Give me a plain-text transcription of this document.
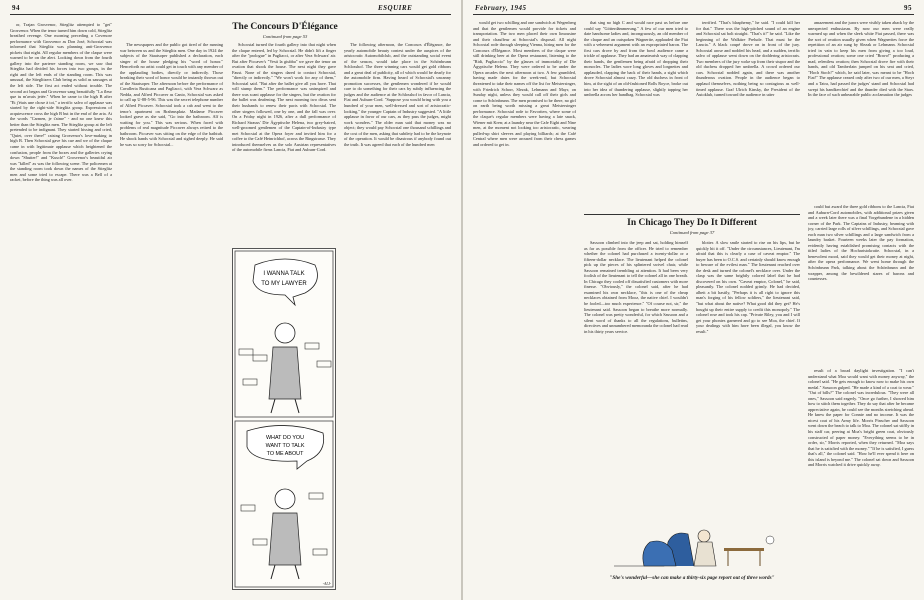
94	ESQUIRE
The Concours D'Élégance
Continued from page 53

or, Trajan Grosvenor, Stieglitz attempted to "get" Grosvenor. When the tenor turned him down cold, Stieglitz breathed revenge. One morning preceding a Covenore performance with Grosvenor as Don José, Schocstal was informed that Stieglitz was planning anti-Grosvenor pickets that night. All regular members of the claque were warned to be on the alert. Looking down from the fourth gallery into the parterre standing room, we saw that Stieglitz had divided his forces into two groups, in the right and the left ends of the standing room. This was unusual, the Stieglitzers Club being as solid as sausages at the left side. The first act ended without trouble. The second act began and Grosvenor sang beautifully "La fleur que tu m'avais jetée." When he came to the high B after "Et j'étais une chose à toi," a terrific salvo of applause was started by the right-side Stieglitz group. Expressions of acquiescence cross the high B but in the end of the aria. At the words "Carmen, je t'aime" - and no one knew this better than the Stieglitz men. The Stieglitz group at the left pretended to be indignant. They started hissing and cried, "Quiet, over there!" raising Grosvenor's love-making in high B. Then Schocstal gave his cue and we of the claque came in with legitimate applause which heightened the confusion, people from the boxes and the galleries crying down "Shutter!" and "Kusch!" Grosvenor's beautiful air was "killed" as was the following scene. The policemen at the standing room took down the names of the Stieglitz men and some tried to escape. There was a Bell of a racket, before the thing was all over.

The newspapers and the public got tired of the running war between us and the Stieglitz men. One day in 1924 the subjects of the Staatsoper published a declaration, each singer of the house pledging his "word of honor." Henceforth no artist could get in touch with any member of the applauding bodies, directly or indirectly. Those breaking their word of honor would be instantly thrown out of the Staatsoper. The afternoon before the performance of Cavalleria Rusticana and Pagliacci, with Vera Schwarz as Nedda, and Alfred Piccaver as Canio, Schocstal was asked to call up U-88-5-96. This was the secret telephone number of Alfred Piccaver. Schocstal took a cab and went to the tenor's apartment on Brahmsplatz. Madame Piccaver looked grave as she said, "Go into the bathroom. Alf is waiting for you." This was serious. When faced with problems of real magnitude Piccaver always retired to the bathroom. Piccaver was sitting on the edge of the bathtub. He shook hands with Schocstal and sighed deeply. He said he was so sorry for Schocstal...

Schocstal turned the fourth gallery into that night when the claque entered, led by Schocstal. He didn't lift a finger after the "prologue" in Pagliacci, or after Vera Schwarz' air. But after Piccaver's "Vesti la giubba" we gave the tenor an ovation that shook the house. The next night they gave Faust. None of the singers dared to contact Schocstal, "directly or indirectly." "We won't work for any of them," Schocstal said. "But after the ballet give all you have. That will stump them." The performance was uninspired and there was scant applause for the singers, but the ovation for the ballet was deafening. The next morning two divas sent their husbands to renew their pacts with Schocstal. The other singers followed, one by one, and the fall was over. On a Friday night in 1926, after a dull performance of Richard Strauss' Die Ägyptische Helena, two grey-haired, well-groomed gentlemen of the Captain-of-Industry type met Schocstal at the Opera foyer and invited him for a coffee to the Café Heinrichhof, across the Ringstrasse. They introduced themselves as the solo Austrian representatives of the automobile firms Lancia, Fiat and Auburn-Cord.

The following afternoon, the Concours d'Élégance, the yearly automobile beauty contest under the auspices of the aristocratic Automobilclub, and the outstanding social event of the season, would take place in the Schönbrunn Schlosshof. The three winning cars would get gold ribbons and a great deal of publicity, all of which would be dearly for the automobile firm. Having heard of Schocstal's uncanny promotion successes, the gentlemen wondered if he would care to do something for their cars by subtly influencing the judges and the audience at the Schlosshof in favor of Lancia, Fiat and Auburn-Cord. "Suppose you would bring with you a hundred of your men, well-dressed and sort of aristocratic-looking," the younger Captain of Industry suggested. "A little applause in favor of our cars, as they pass the judges, might work wonders." The older man said that money was no object; they would pay Schocstal one thousand schillings and the cost of the men, asking that subtlety had to be the keynote of the operation. It would be disastrous if anybody found out the truth. It was agreed that each of the hundred men

I WANNA TALK
TO MY LAWYER
WHAT DO YOU
WANT TO TALK
TO ME ABOUT
-ALI-
February, 1945	95

would get two schilling and one sandwich at Wegenberg and that the gentlemen would provide for tickets and transportation. The two men placed their own limousine and their chauffeur at Schocstal's disposal. All night Schocstal rode through sleeping Vienna, hiring men for the Concours d'Élégance. Most members of the claque were still drinking beer at the Opera restaurant, listening to the "Ridi, Pagliaccio" by the glasses of immortality of Die Ägyptische Helena. They were ordered to be under the Opera arcades the next afternoon at two. A few grumbled, having made dates for the week-end, but Schocstal threatened to take their names off the list for Meistersinger, with Friedrich Schorr, Slezak, Lehmann and Mayr, on Sunday night, unless they would call off their girls and come to Schönbrunn. The men promised to be there, no girl on earth being worth missing a great Meistersinger performance. Schocstal rode to Favoriten, where some of the claque's regular members were having a late snack, Wiener mit Kren; at a laundry near the Cafe Eight and Nine men, at the moment not looking too aristocratic, wearing pulled-up shirt sleeves and playing billiards; at the Café Central where men were aroused from their chess games and ordered to get in.

that sing no high C and would race past us before one could say "Götterdämmerung." A few of our men tried to date handsome ladies and, incongruously, an old member of the claque and an outspoken Wagnerite, applauded the Fiat with a vehement argument with an expropriated baron. The first cars drove by and from the bowl audience came a trickle of applause. They had an amateurish way of clapping their hands, the gentlemen being afraid of dropping their monocles. The ladies wore long gloves and lorgnettes and applauded, clapping the back of their hands, a sight which drove Schocstal almost crazy. The old duchess in front of him, at the sight of an old-fashioned Rolls Royce, broke out into her idea of thundering applause, slightly tapping her umbrella across her handbag. Schocstal was

terrified. "That's blasphemy," he said. "I could kill her for that." There was the high-pitched sound of an engine and Schocstal sat bolt straight. "That's it!" he said. "Like the beginning of the Walküre Prelude. That must be the Lancia." A black coupé drove on in front of the jury. Schocstal arose and nodded his head, and a sudden, terrific salvo of applause went down on the doddering aristocrats. Two members of the jury woke up from their stupor and the old duchess dropped her umbrella. A crowd ordered our cars. Schocstal nodded again, and there was another thunderous ovation. People in the audience began to applaud themselves, nothing being so contagious as well-timed applause. Graf Ulrich Kinsky, the President of the Autoklub, turned toward the audience in utter

amazement and the jurors were visibly taken aback by the unexpected enthusiasm. By now our men were really warmed up and when the sleek white Fiat passed, there was the sort of ovation usually given when Wagnerites force the repetition of an air sung by Slezak or Lehmann. Schocstal tried in vain to keep his men from giving a too loud, professional ovation; some one cried "Bravo!" producing a mad, relentless ovation; then Schocstal drove fire with their hands, and old Tamberlain jumped on his seat and cried, "Hoch Stoch!" which, he said later, was meant to be "Hoch Fiat!" The applause ceased only after two of our men, a Steyr and a Tatra, had passed the judges' stand and Schocstal had swept his handkerchief and the thunder died with the Stars. In the face of such unbearable public acclamation the judges

In Chicago They Do It Different
Continued from page 37

could but award the three gold ribbons to the Lancia, Fiat and Auburn-Cord automobiles, with additional prizes given and a week later there was a final Vorgebundene in a hidden corner of the Park. The Captains of Industry, beaming with joy, carried large rolls of silver schillings, and Schocstal gave each man two silver schillings and a large sandwich from a laundry basket. Fourteen weeks later the pay formation, evidently having established promising contacts with the titled ladies of the Hocharistokratie. Schocstal, in a benevolent mood, said they would get their money at night, after the opera performance. We went home through the Schönbrunn Park, talking about the Schönbrunn and the wrapper, among the bewildered stares of barons and countesses.

Sassoon climbed into the jeep and sat, holding himself as far as possible from the officer. He tried to remember whether the colonel had purchased a twenty-dollar or a fifteen-dollar necklace. The lieutenant helped the colonel pick up the pieces of his splintered swivel chair, while Sassoon remained trembling at attention. It had been very foolish of the lieutenant to tell the colonel all in one breath. In Chicago they cooled off dissatisfied customers with more finesse. "Obviously," the colonel said, after he had examined his own necklace, "this is one of the cheap necklaces obtained from Mooz, the native chief. I wouldn't be fooled—too much experience." "Of course not, sir," the lieutenant said. Sassoon began to breathe more normally. The colonel was pretty wonderful, for which Sassoon and a silent word of thanks to all the regulations, bulletins, directives and unnumbered memoranda the colonel had read in his thirty years service.

blotter. A slow smile started to rise on his lips, but he quickly hit it off. "Under the circumstances, Lieutenant, I'm afraid that this is clearly a case of caveat emptor." The buyer has been to O.C.S. and certainly should know enough to beware of the evilest man." The lieutenant reached over the desk and turned the colonel's necklace over. Under the clasp was the same brightly colored label that he had discovered on his own. "Caveat emptor, Colonel," he said, pleasantly. The colonel nodded grimly. He had decided, albeit a bit hastily, "Perhaps it is all right to ignore this man's forging of his fellow soldiers," the lieutenant said, "but what about the native? What good did they get? He's bought up their entire supply to credit this monopoly." The colonel rose and took his cap. "Private Riley, you and I will get your phonies garnered and go to see Moa, the chief. If your dealings with him have been illegal, you know the result."

result of a broad daylight investigation. "I can't understand what Moa would want with money anyway," the colonel said. "He gets enough to know now to make his own medal." Sassoon gulped. "He made a kind of a coat to wear." "Out of bills?" The colonel was incredulous. "They were all ones," Sassoon said eagerly. "Once go further, I showed him how to stitch them together. They do say that after he became appreciative again, he could see the months stretching ahead. He knew the paper for Connie and no income. It was the nicest coat of his Army life. Morris Pinscher and Sassoon went down the beach to talk to Moa. The colonel sat stiffly in his staff car, peering at Moa's bright green coat, obviously constructed of paper money. "Everything seems to be in order, sir," Morris reported, when they returned. "Moa says that he is satisfied with the money." "If he is satisfied, I guess that's all," the colonel said. "How he'll ever spend it here on this island is beyond me." The colonel sat down and Sassoon and Morris watched it drive quickly away.

"She's wonderful—she can make a thirty-six page report out of three words"
